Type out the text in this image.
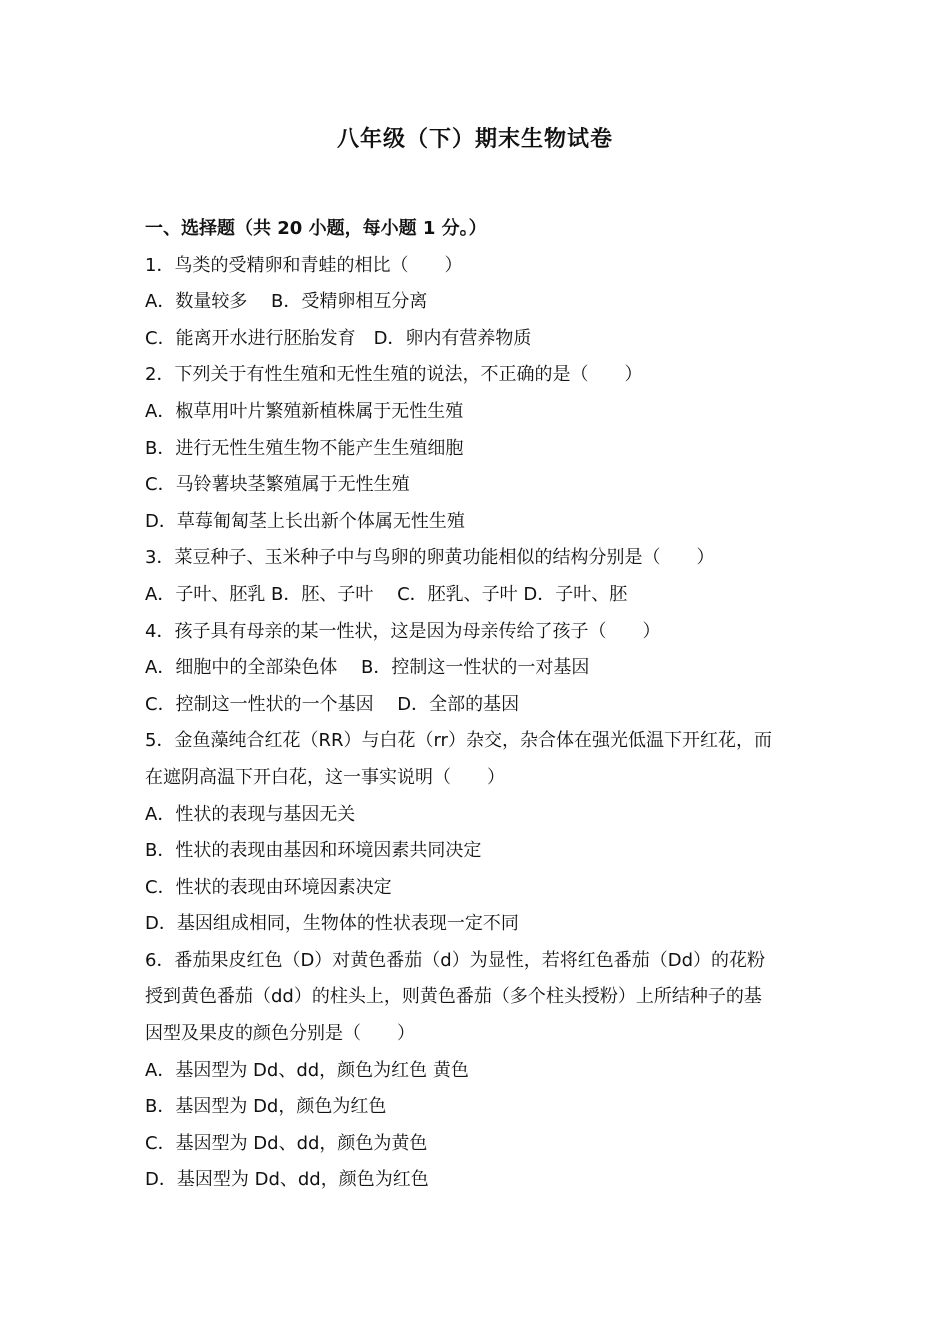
八年级（下）期末生物试卷
一、选择题（共 20 小题，每小题 1 分。）
1．鸟类的受精卵和青蛙的相比（　　）
A．数量较多　 B．受精卵相互分离
C．能离开水进行胚胎发育　D．卵内有营养物质
2．下列关于有性生殖和无性生殖的说法，不正确的是（　　）
A．椒草用叶片繁殖新植株属于无性生殖
B．进行无性生殖生物不能产生生殖细胞
C．马铃薯块茎繁殖属于无性生殖
D．草莓匍匐茎上长出新个体属无性生殖
3．菜豆种子、玉米种子中与鸟卵的卵黄功能相似的结构分别是（　　）
A．子叶、胚乳 B．胚、子叶　 C．胚乳、子叶 D．子叶、胚
4．孩子具有母亲的某一性状，这是因为母亲传给了孩子（　　）
A．细胞中的全部染色体　 B．控制这一性状的一对基因
C．控制这一性状的一个基因　 D．全部的基因
5．金鱼藻纯合红花（RR）与白花（rr）杂交，杂合体在强光低温下开红花，而
在遮阴高温下开白花，这一事实说明（　　）
A．性状的表现与基因无关
B．性状的表现由基因和环境因素共同决定
C．性状的表现由环境因素决定
D．基因组成相同，生物体的性状表现一定不同
6．番茄果皮红色（D）对黄色番茄（d）为显性，若将红色番茄（Dd）的花粉
授到黄色番茄（dd）的柱头上，则黄色番茄（多个柱头授粉）上所结种子的基
因型及果皮的颜色分别是（　　）
A．基因型为 Dd、dd，颜色为红色 黄色
B．基因型为 Dd，颜色为红色
C．基因型为 Dd、dd，颜色为黄色
D．基因型为 Dd、dd，颜色为红色
